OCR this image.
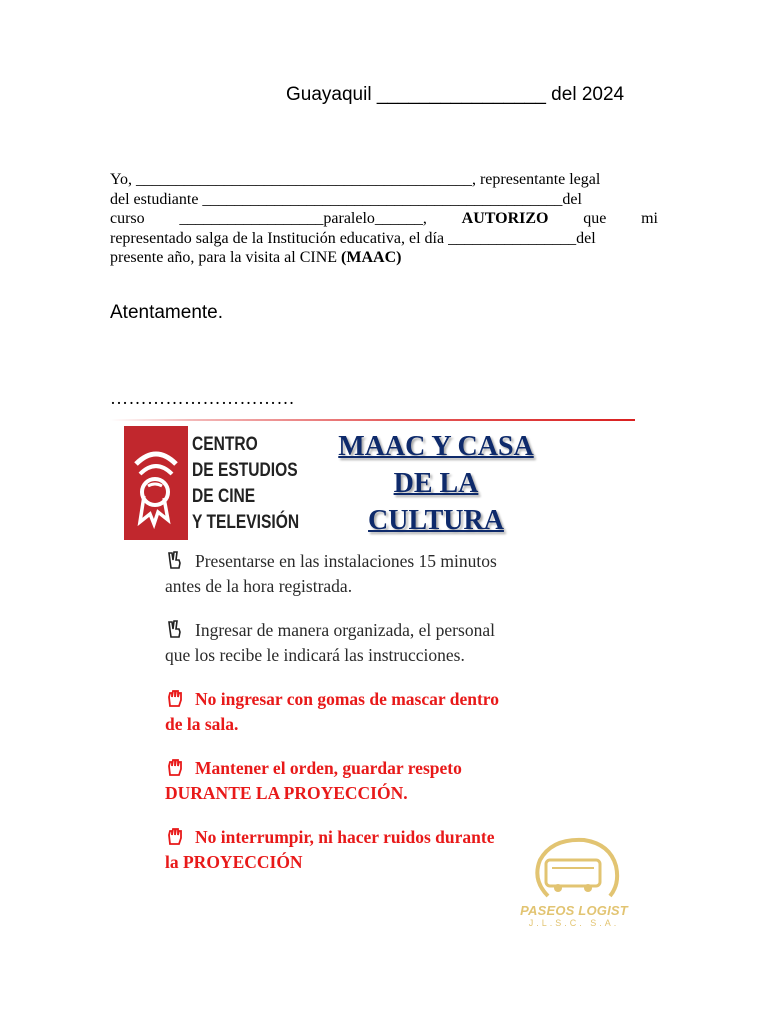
Guayaquil ________________ del 2024
Yo, __________________________________________, representante legal
del estudiante _____________________________________________del
curso __________________paralelo______, AUTORIZO que mi
representado salga de la Institución educativa, el día ________________del
presente año, para la visita al CINE (MAAC)
Atentamente.
…………………………
CENTRO
DE ESTUDIOS
DE CINE
Y TELEVISIÓN
MAAC Y CASA
DE LA
CULTURA
Presentarse en las instalaciones 15 minutos
antes de la hora registrada.
Ingresar de manera organizada, el personal
que los recibe le indicará las instrucciones.
No ingresar con gomas de mascar dentro
de la sala.
Mantener el orden, guardar respeto
DURANTE LA PROYECCIÓN.
No interrumpir, ni hacer ruidos durante
la PROYECCIÓN
PASEOS LOGIST
J.L.S.C. S.A.
